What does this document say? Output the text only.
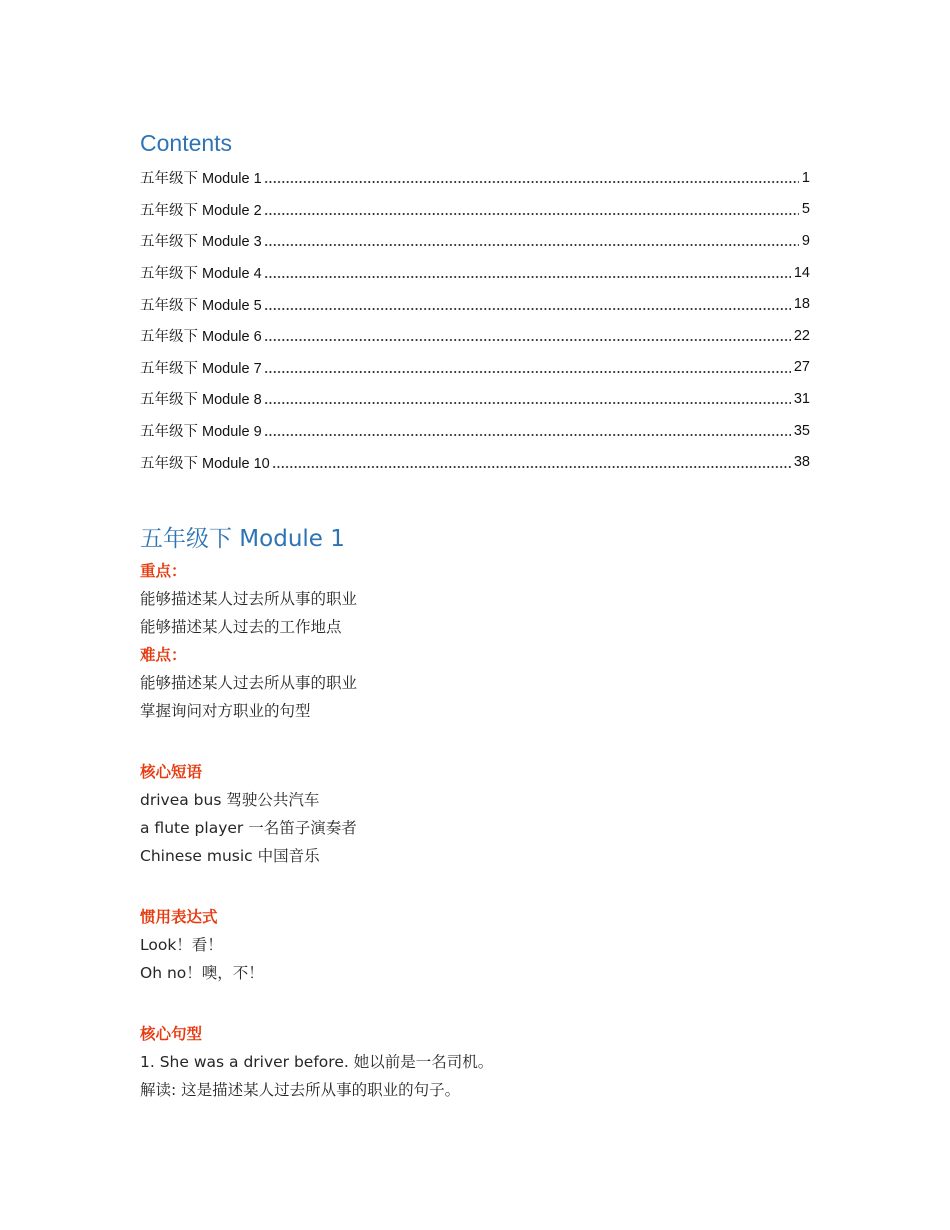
Contents
五年级下 Module 1	1
五年级下 Module 2	5
五年级下 Module 3	9
五年级下 Module 4	14
五年级下 Module 5	18
五年级下 Module 6	22
五年级下 Module 7	27
五年级下 Module 8	31
五年级下 Module 9	35
五年级下 Module 10	38
五年级下 Module 1

重点：

能够描述某人过去所从事的职业

能够描述某人过去的工作地点

难点：

能够描述某人过去所从事的职业

掌握询问对方职业的句型

核心短语

drivea bus 驾驶公共汽车

a flute player 一名笛子演奏者

Chinese music 中国音乐

惯用表达式

Look！看！

Oh no！噢，不！

核心句型

1. She was a driver before. 她以前是一名司机。

解读: 这是描述某人过去所从事的职业的句子。
